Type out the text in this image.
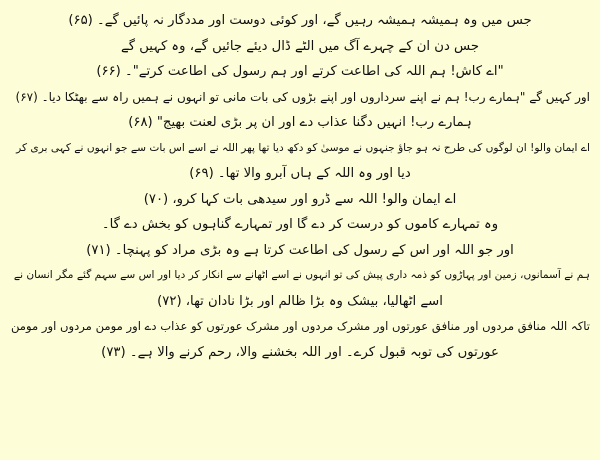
جس میں وہ ہمیشہ ہمیشہ رہیں گے، اور کوئی دوست اور مددگار نہ پائیں گے۔ (۶۵)
جس دن ان کے چہرے آگ میں الٹے ڈال دیئے جائیں گے، وہ کہیں گے
"اے کاش! ہم اللہ کی اطاعت کرتے اور ہم رسول کی اطاعت کرتے"۔ (۶۶)
اور کہیں گے "ہمارے رب! ہم نے اپنے سرداروں اور اپنے بڑوں کی بات مانی تو انہوں نے ہمیں راہ سے بھٹکا دیا۔ (۶۷)
ہمارے رب! انہیں دگنا عذاب دے اور ان پر بڑی لعنت بھیج" (۶۸)
اے ایمان والو! ان لوگوں کی طرح نہ ہو جاؤ جنہوں نے موسیٰ کو دکھ دیا تھا پھر اللہ نے اسے اس بات سے جو انہوں نے کہی بری کر
دیا اور وہ اللہ کے ہاں آبرو والا تھا۔ (۶۹)
اے ایمان والو! اللہ سے ڈرو اور سیدھی بات کہا کرو، (۷۰)
وہ تمہارے کاموں کو درست کر دے گا اور تمہارے گناہوں کو بخش دے گا۔
اور جو اللہ اور اس کے رسول کی اطاعت کرتا ہے وہ بڑی مراد کو پہنچا۔ (۷۱)
ہم نے آسمانوں، زمین اور پہاڑوں کو ذمہ داری پیش کی تو انہوں نے اسے اٹھانے سے انکار کر دیا اور اس سے سہم گئے مگر انسان نے
اسے اٹھالیا، بیشک وہ بڑا ظالم اور بڑا نادان تھا، (۷۲)
تاکہ اللہ منافق مردوں اور منافق عورتوں اور مشرک مردوں اور مشرک عورتوں کو عذاب دے اور مومن مردوں اور مومن
عورتوں کی توبہ قبول کرے۔ اور اللہ بخشنے والا، رحم کرنے والا ہے۔ (۷۳)
